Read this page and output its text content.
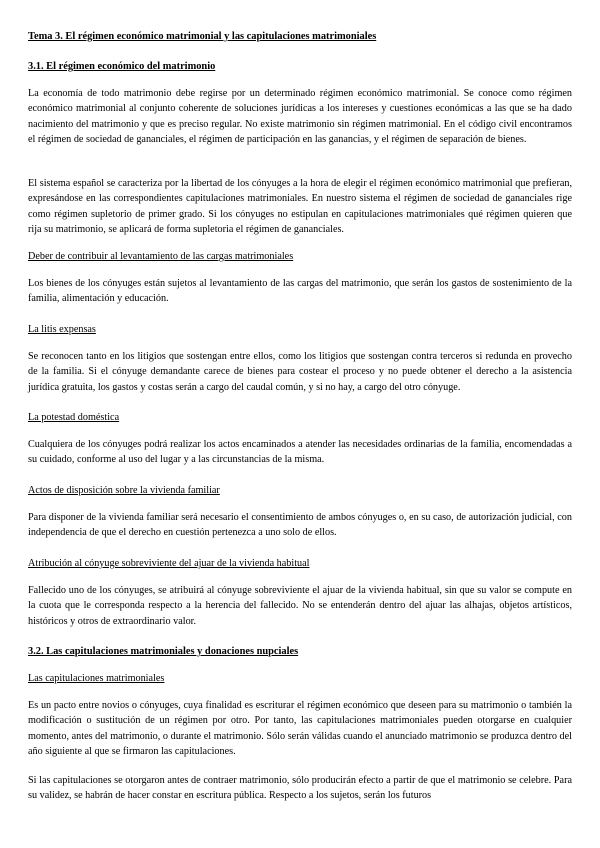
Tema 3. El régimen económico matrimonial y las capitulaciones matrimoniales
3.1. El régimen económico del matrimonio

La economía de todo matrimonio debe regirse por un determinado régimen económico matrimonial. Se conoce como régimen económico matrimonial al conjunto coherente de soluciones jurídicas a los intereses y cuestiones económicas a las que se ha dado nacimiento del matrimonio y que es preciso regular. No existe matrimonio sin régimen matrimonial. En el código civil encontramos el régimen de sociedad de gananciales, el régimen de participación en las ganancias, y el régimen de separación de bienes.

El sistema español se caracteriza por la libertad de los cónyuges a la hora de elegir el régimen económico matrimonial que prefieran, expresándose en las correspondientes capitulaciones matrimoniales. En nuestro sistema el régimen de sociedad de gananciales rige como régimen supletorio de primer grado. Si los cónyuges no estipulan en capitulaciones matrimoniales qué régimen quieren que rija su matrimonio, se aplicará de forma supletoria el régimen de gananciales.

Deber de contribuir al levantamiento de las cargas matrimoniales

Los bienes de los cónyuges están sujetos al levantamiento de las cargas del matrimonio, que serán los gastos de sostenimiento de la familia, alimentación y educación.

La litis expensas

Se reconocen tanto en los litigios que sostengan entre ellos, como los litigios que sostengan contra terceros si redunda en provecho de la familia. Si el cónyuge demandante carece de bienes para costear el proceso y no puede obtener el derecho a la asistencia jurídica gratuita, los gastos y costas serán a cargo del caudal común, y si no hay, a cargo del otro cónyuge.

La potestad doméstica

Cualquiera de los cónyuges podrá realizar los actos encaminados a atender las necesidades ordinarias de la familia, encomendadas a su cuidado, conforme al uso del lugar y a las circunstancias de la misma.

Actos de disposición sobre la vivienda familiar

Para disponer de la vivienda familiar será necesario el consentimiento de ambos cónyuges o, en su caso, de autorización judicial, con independencia de que el derecho en cuestión pertenezca a uno solo de ellos.

Atribución al cónyuge sobreviviente del ajuar de la vivienda habitual

Fallecido uno de los cónyuges, se atribuirá al cónyuge sobreviviente el ajuar de la vivienda habitual, sin que su valor se compute en la cuota que le corresponda respecto a la herencia del fallecido. No se entenderán dentro del ajuar las alhajas, objetos artísticos, históricos y otros de extraordinario valor.

3.2. Las capitulaciones matrimoniales y donaciones nupciales
Las capitulaciones matrimoniales

Es un pacto entre novios o cónyuges, cuya finalidad es escriturar el régimen económico que deseen para su matrimonio o también la modificación o sustitución de un régimen por otro. Por tanto, las capitulaciones matrimoniales pueden otorgarse en cualquier momento, antes del matrimonio, o durante el matrimonio. Sólo serán válidas cuando el anunciado matrimonio se produzca dentro del año siguiente al que se firmaron las capitulaciones.

Si las capitulaciones se otorgaron antes de contraer matrimonio, sólo producirán efecto a partir de que el matrimonio se celebre. Para su validez, se habrán de hacer constar en escritura pública. Respecto a los sujetos, serán los futuros
